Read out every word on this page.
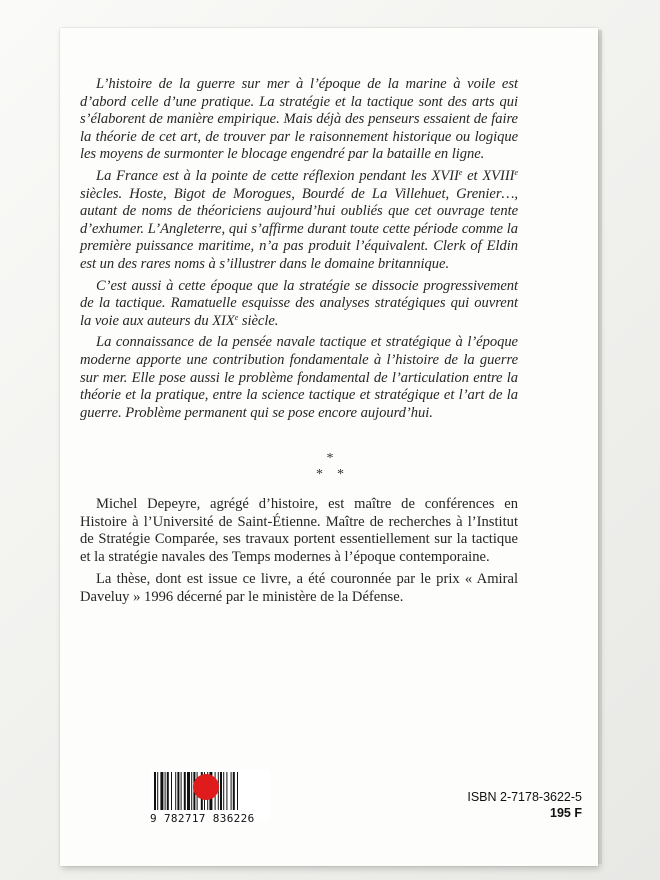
L’histoire de la guerre sur mer à l’époque de la marine à voile est d’abord celle d’une pratique. La stratégie et la tactique sont des arts qui s’élaborent de manière empirique. Mais déjà des penseurs essaient de faire la théorie de cet art, de trouver par le raisonnement historique ou logique les moyens de surmonter le blocage engendré par la bataille en ligne.

La France est à la pointe de cette réflexion pendant les XVIIe et XVIIIe siècles. Hoste, Bigot de Morogues, Bourdé de La Villehuet, Grenier…, autant de noms de théoriciens aujourd’hui oubliés que cet ouvrage tente d’exhumer. L’Angleterre, qui s’affirme durant toute cette période comme la première puissance maritime, n’a pas produit l’équivalent. Clerk of Eldin est un des rares noms à s’illustrer dans le domaine britannique.

C’est aussi à cette époque que la stratégie se dissocie progressivement de la tactique. Ramatuelle esquisse des analyses stratégiques qui ouvrent la voie aux auteurs du XIXe siècle.

La connaissance de la pensée navale tactique et stratégique à l’époque moderne apporte une contribution fondamentale à l’histoire de la guerre sur mer. Elle pose aussi le problème fondamental de l’articulation entre la théorie et la pratique, entre la science tactique et stratégique et l’art de la guerre. Problème permanent qui se pose encore aujourd’hui.

*
*    *

Michel Depeyre, agrégé d’histoire, est maître de conférences en Histoire à l’Université de Saint-Étienne. Maître de recherches à l’Institut de Stratégie Comparée, ses travaux portent essentiellement sur la tactique et la stratégie navales des Temps modernes à l’époque contemporaine.

La thèse, dont est issue ce livre, a été couronnée par le prix « Amiral Daveluy » 1996 décerné par le ministère de la Défense.

9 782717 836226
ISBN 2-7178-3622-5
195 F
